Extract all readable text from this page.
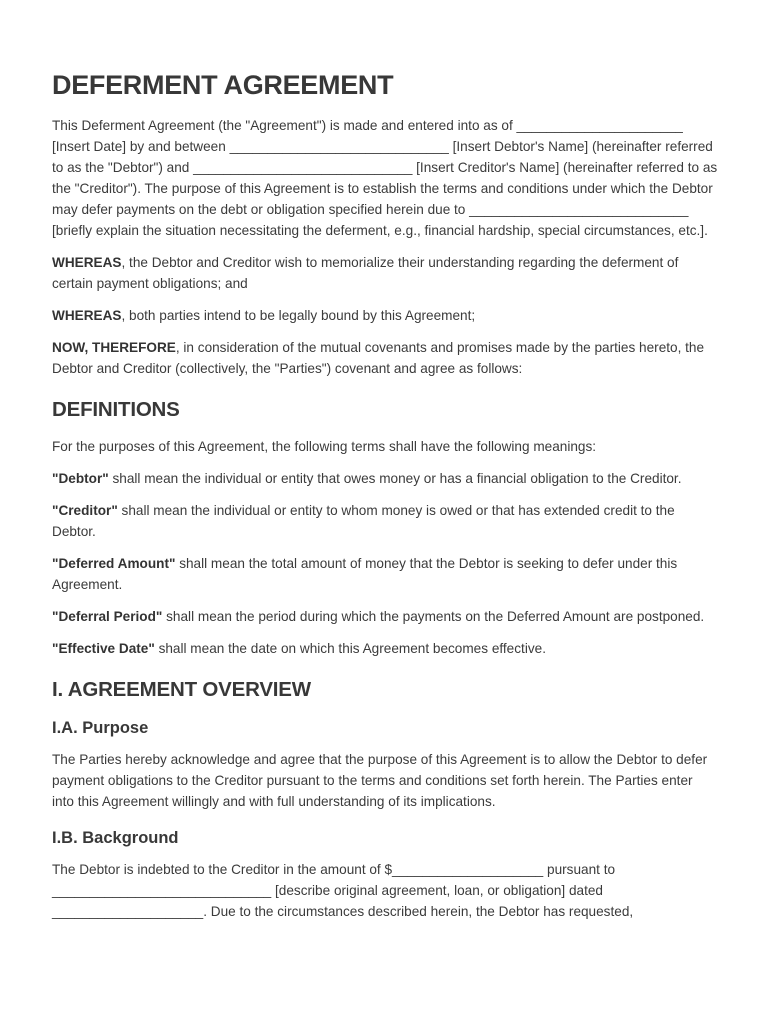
DEFERMENT AGREEMENT

This Deferment Agreement (the "Agreement") is made and entered into as of ______________________ [Insert Date] by and between _____________________________ [Insert Debtor's Name] (hereinafter referred to as the "Debtor") and _____________________________ [Insert Creditor's Name] (hereinafter referred to as the "Creditor"). The purpose of this Agreement is to establish the terms and conditions under which the Debtor may defer payments on the debt or obligation specified herein due to _____________________________ [briefly explain the situation necessitating the deferment, e.g., financial hardship, special circumstances, etc.].

WHEREAS, the Debtor and Creditor wish to memorialize their understanding regarding the deferment of certain payment obligations; and

WHEREAS, both parties intend to be legally bound by this Agreement;

NOW, THEREFORE, in consideration of the mutual covenants and promises made by the parties hereto, the Debtor and Creditor (collectively, the "Parties") covenant and agree as follows:

DEFINITIONS

For the purposes of this Agreement, the following terms shall have the following meanings:

"Debtor" shall mean the individual or entity that owes money or has a financial obligation to the Creditor.

"Creditor" shall mean the individual or entity to whom money is owed or that has extended credit to the Debtor.

"Deferred Amount" shall mean the total amount of money that the Debtor is seeking to defer under this Agreement.

"Deferral Period" shall mean the period during which the payments on the Deferred Amount are postponed.

"Effective Date" shall mean the date on which this Agreement becomes effective.

I. AGREEMENT OVERVIEW
I.A. Purpose

The Parties hereby acknowledge and agree that the purpose of this Agreement is to allow the Debtor to defer payment obligations to the Creditor pursuant to the terms and conditions set forth herein. The Parties enter into this Agreement willingly and with full understanding of its implications.

I.B. Background

The Debtor is indebted to the Creditor in the amount of $____________________ pursuant to _____________________________ [describe original agreement, loan, or obligation] dated ____________________. Due to the circumstances described herein, the Debtor has requested,
